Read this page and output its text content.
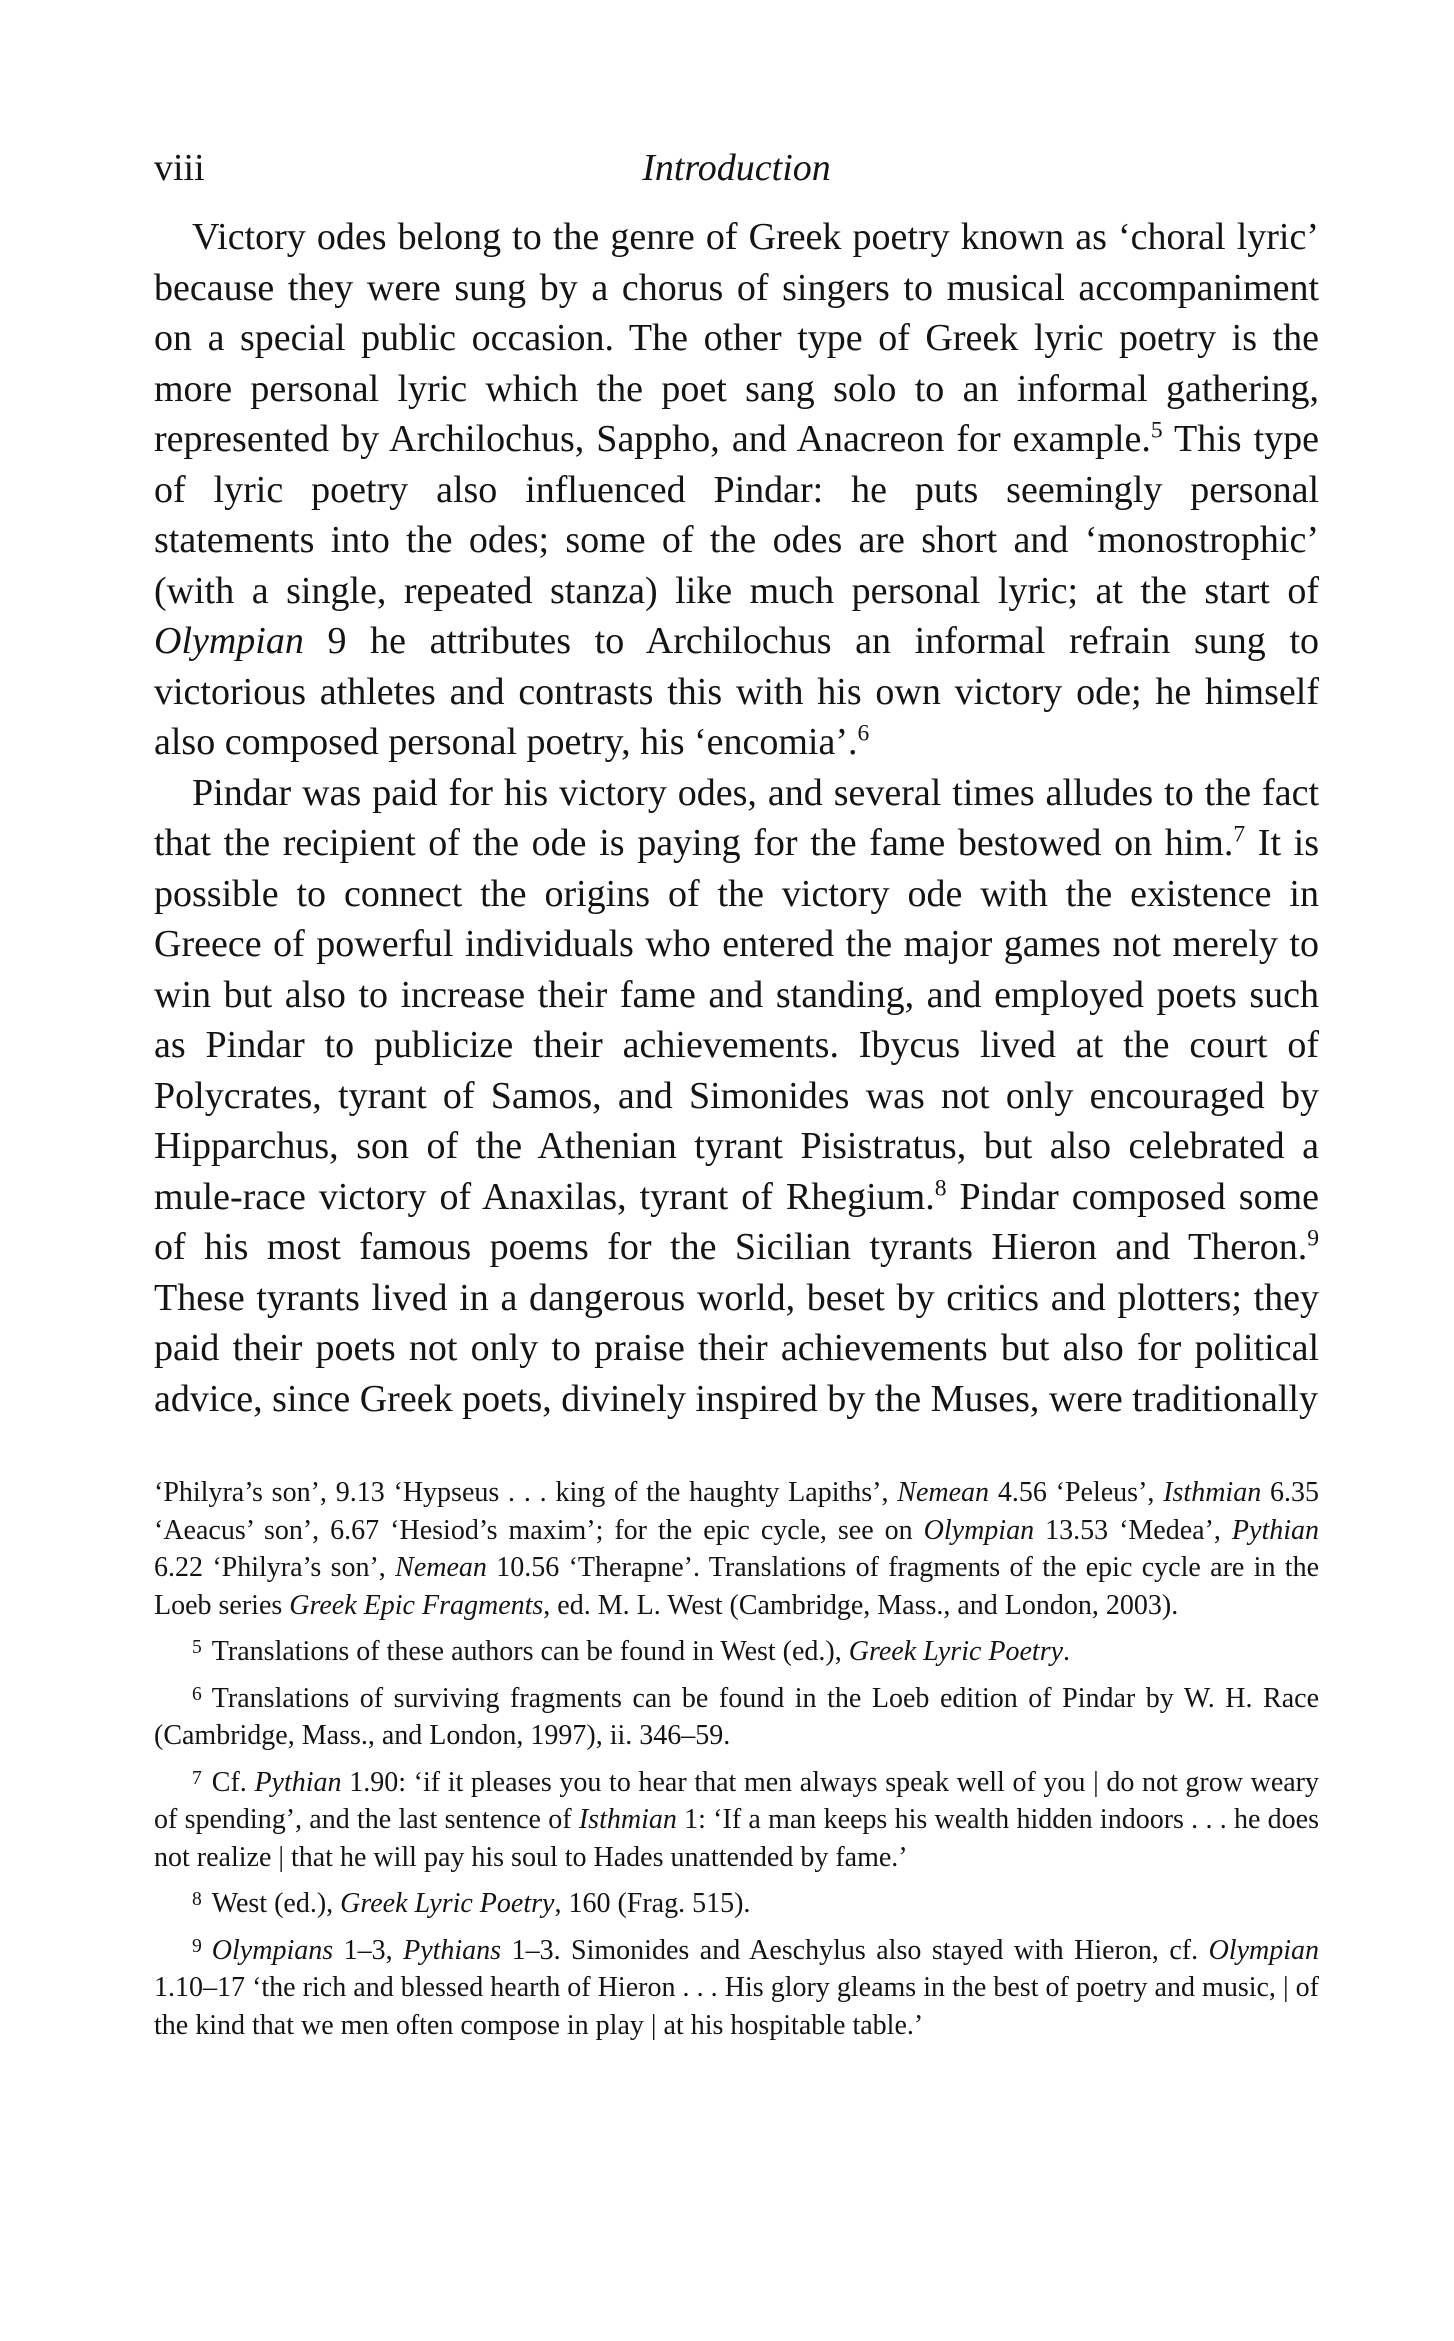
viii	Introduction

Victory odes belong to the genre of Greek poetry known as ‘choral lyric’ because they were sung by a chorus of singers to musical accompaniment on a special public occasion. The other type of Greek lyric poetry is the more personal lyric which the poet sang solo to an informal gathering, represented by Archilochus, Sappho, and Anacreon for example.$^5$ This type of lyric poetry also influenced Pindar: he puts seemingly personal statements into the odes; some of the odes are short and ‘monostrophic’ (with a single, repeated stanza) like much personal lyric; at the start of Olympian 9 he attributes to Archilochus an informal refrain sung to victorious athletes and contrasts this with his own victory ode; he himself also composed personal poetry, his ‘encomia’.$^6$

Pindar was paid for his victory odes, and several times alludes to the fact that the recipient of the ode is paying for the fame bestowed on him.$^7$ It is possible to connect the origins of the victory ode with the existence in Greece of powerful individuals who entered the major games not merely to win but also to increase their fame and standing, and employed poets such as Pindar to publicize their achievements. Ibycus lived at the court of Polycrates, tyrant of Samos, and Simonides was not only encouraged by Hipparchus, son of the Athenian tyrant Pisistratus, but also celebrated a mule-race victory of Anaxilas, tyrant of Rhegium.$^8$ Pindar composed some of his most famous poems for the Sicilian tyrants Hieron and Theron.$^9$ These tyrants lived in a dangerous world, beset by critics and plotters; they paid their poets not only to praise their achievements but also for political advice, since Greek poets, divinely inspired by the Muses, were traditionally

‘Philyra’s son’, 9.13 ‘Hypseus . . . king of the haughty Lapiths’, Nemean 4.56 ‘Peleus’, Isthmian 6.35 ‘Aeacus’ son’, 6.67 ‘Hesiod’s maxim’; for the epic cycle, see on Olympian 13.53 ‘Medea’, Pythian 6.22 ‘Philyra’s son’, Nemean 10.56 ‘Therapne’. Translations of fragments of the epic cycle are in the Loeb series Greek Epic Fragments, ed. M. L. West (Cambridge, Mass., and London, 2003).

$^5$ Translations of these authors can be found in West (ed.), Greek Lyric Poetry.

$^6$ Translations of surviving fragments can be found in the Loeb edition of Pindar by W. H. Race (Cambridge, Mass., and London, 1997), ii. 346–59.

$^7$ Cf. Pythian 1.90: ‘if it pleases you to hear that men always speak well of you | do not grow weary of spending’, and the last sentence of Isthmian 1: ‘If a man keeps his wealth hidden indoors . . . he does not realize | that he will pay his soul to Hades unattended by fame.’

$^8$ West (ed.), Greek Lyric Poetry, 160 (Frag. 515).

$^9$ Olympians 1–3, Pythians 1–3. Simonides and Aeschylus also stayed with Hieron, cf. Olympian 1.10–17 ‘the rich and blessed hearth of Hieron . . . His glory gleams in the best of poetry and music, | of the kind that we men often compose in play | at his hospitable table.’
